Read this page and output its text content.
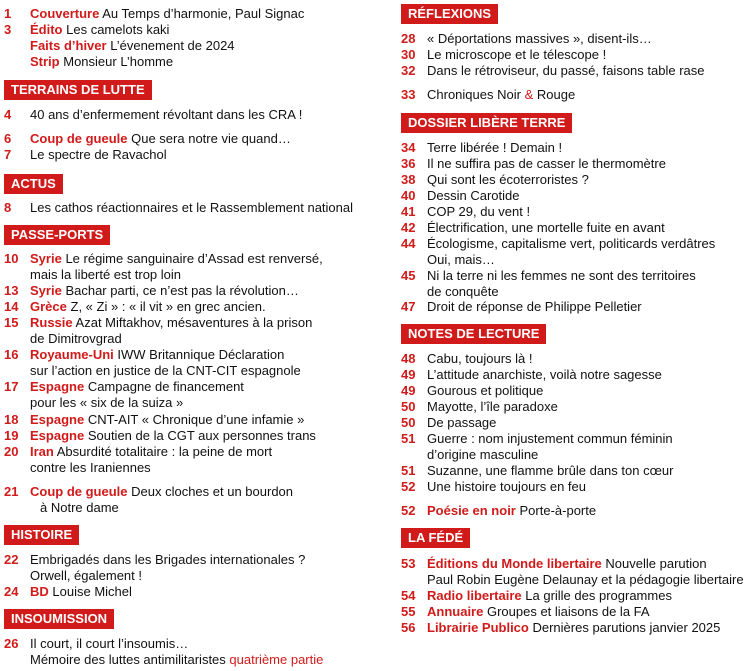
1 Couverture Au Temps d’harmonie, Paul Signac
3 Édito Les camelots kaki
Faits d’hiver L’évenement de 2024
Strip Monsieur L’homme
TERRAINS DE LUTTE
4 40 ans d’enfermement révoltant dans les CRA !
6 Coup de gueule Que sera notre vie quand…
7 Le spectre de Ravachol
ACTUS
8 Les cathos réactionnaires et le Rassemblement national
PASSE-PORTS
10 Syrie Le régime sanguinaire d’Assad est renversé,
mais la liberté est trop loin
13 Syrie Bachar parti, ce n’est pas la révolution…
14 Grèce Z, « Zi » : « il vit » en grec ancien.
15 Russie Azat Miftakhov, mésaventures à la prison
de Dimitrovgrad
16 Royaume-Uni IWW Britannique Déclaration
sur l’action en justice de la CNT-CIT espagnole
17 Espagne Campagne de financement
pour les « six de la suiza »
18 Espagne CNT-AIT « Chronique d’une infamie »
19 Espagne Soutien de la CGT aux personnes trans
20 Iran Absurdité totalitaire : la peine de mort
contre les Iraniennes
21 Coup de gueule Deux cloches et un bourdon
à Notre dame
HISTOIRE
22 Embrigadés dans les Brigades internationales ?
Orwell, également !
24 BD Louise Michel
INSOUMISSION
26 Il court, il court l’insoumis…
Mémoire des luttes antimilitaristes quatrième partie
RÉFLEXIONS
28 « Déportations massives », disent-ils…
30 Le microscope et le télescope !
32 Dans le rétroviseur, du passé, faisons table rase
33 Chroniques Noir & Rouge
DOSSIER LIBÈRE TERRE
34 Terre libérée ! Demain !
36 Il ne suffira pas de casser le thermomètre
38 Qui sont les écoterroristes ?
40 Dessin Carotide
41 COP 29, du vent !
42 Électrification, une mortelle fuite en avant
44 Écologisme, capitalisme vert, politicards verdâtres
Oui, mais…
45 Ni la terre ni les femmes ne sont des territoires
de conquête
47 Droit de réponse de Philippe Pelletier
NOTES DE LECTURE
48 Cabu, toujours là !
49 L’attitude anarchiste, voilà notre sagesse
49 Gourous et politique
50 Mayotte, l’île paradoxe
50 De passage
51 Guerre : nom injustement commun féminin
d’origine masculine
51 Suzanne, une flamme brûle dans ton cœur
52 Une histoire toujours en feu
52 Poésie en noir Porte-à-porte
LA FÉDÉ
53 Éditions du Monde libertaire Nouvelle parution
Paul Robin Eugène Delaunay et la pédagogie libertaire
54 Radio libertaire La grille des programmes
55 Annuaire Groupes et liaisons de la FA
56 Librairie Publico Dernières parutions janvier 2025
